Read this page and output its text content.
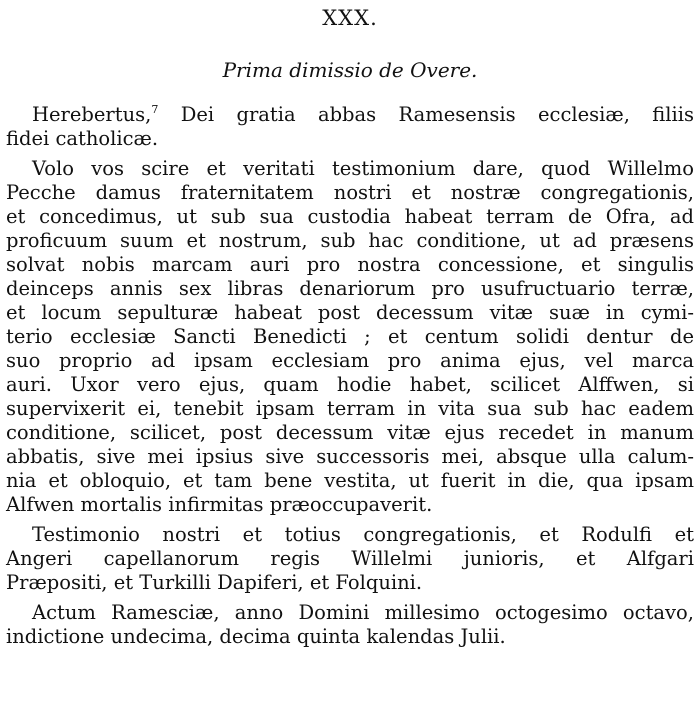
XXX.
Prima dimissio de Overe.
Herebertus,$^7$ Dei gratia abbas Ramesensis ecclesiæ, filiis
fidei catholicæ.
Volo vos scire et veritati testimonium dare, quod Willelmo
Pecche damus fraternitatem nostri et nostræ congregationis,
et concedimus, ut sub sua custodia habeat terram de Ofra, ad
proficuum suum et nostrum, sub hac conditione, ut ad præsens
solvat nobis marcam auri pro nostra concessione, et singulis
deinceps annis sex libras denariorum pro usufructuario terræ,
et locum sepulturæ habeat post decessum vitæ suæ in cymi-
terio ecclesiæ Sancti Benedicti ; et centum solidi dentur de
suo proprio ad ipsam ecclesiam pro anima ejus, vel marca
auri. Uxor vero ejus, quam hodie habet, scilicet Alffwen, si
supervixerit ei, tenebit ipsam terram in vita sua sub hac eadem
conditione, scilicet, post decessum vitæ ejus recedet in manum
abbatis, sive mei ipsius sive successoris mei, absque ulla calum-
nia et obloquio, et tam bene vestita, ut fuerit in die, qua ipsam
Alfwen mortalis infirmitas præoccupaverit.
Testimonio nostri et totius congregationis, et Rodulfi et
Angeri capellanorum regis Willelmi junioris, et Alfgari
Præpositi, et Turkilli Dapiferi, et Folquini.
Actum Ramesciæ, anno Domini millesimo octogesimo octavo,
indictione undecima, decima quinta kalendas Julii.
